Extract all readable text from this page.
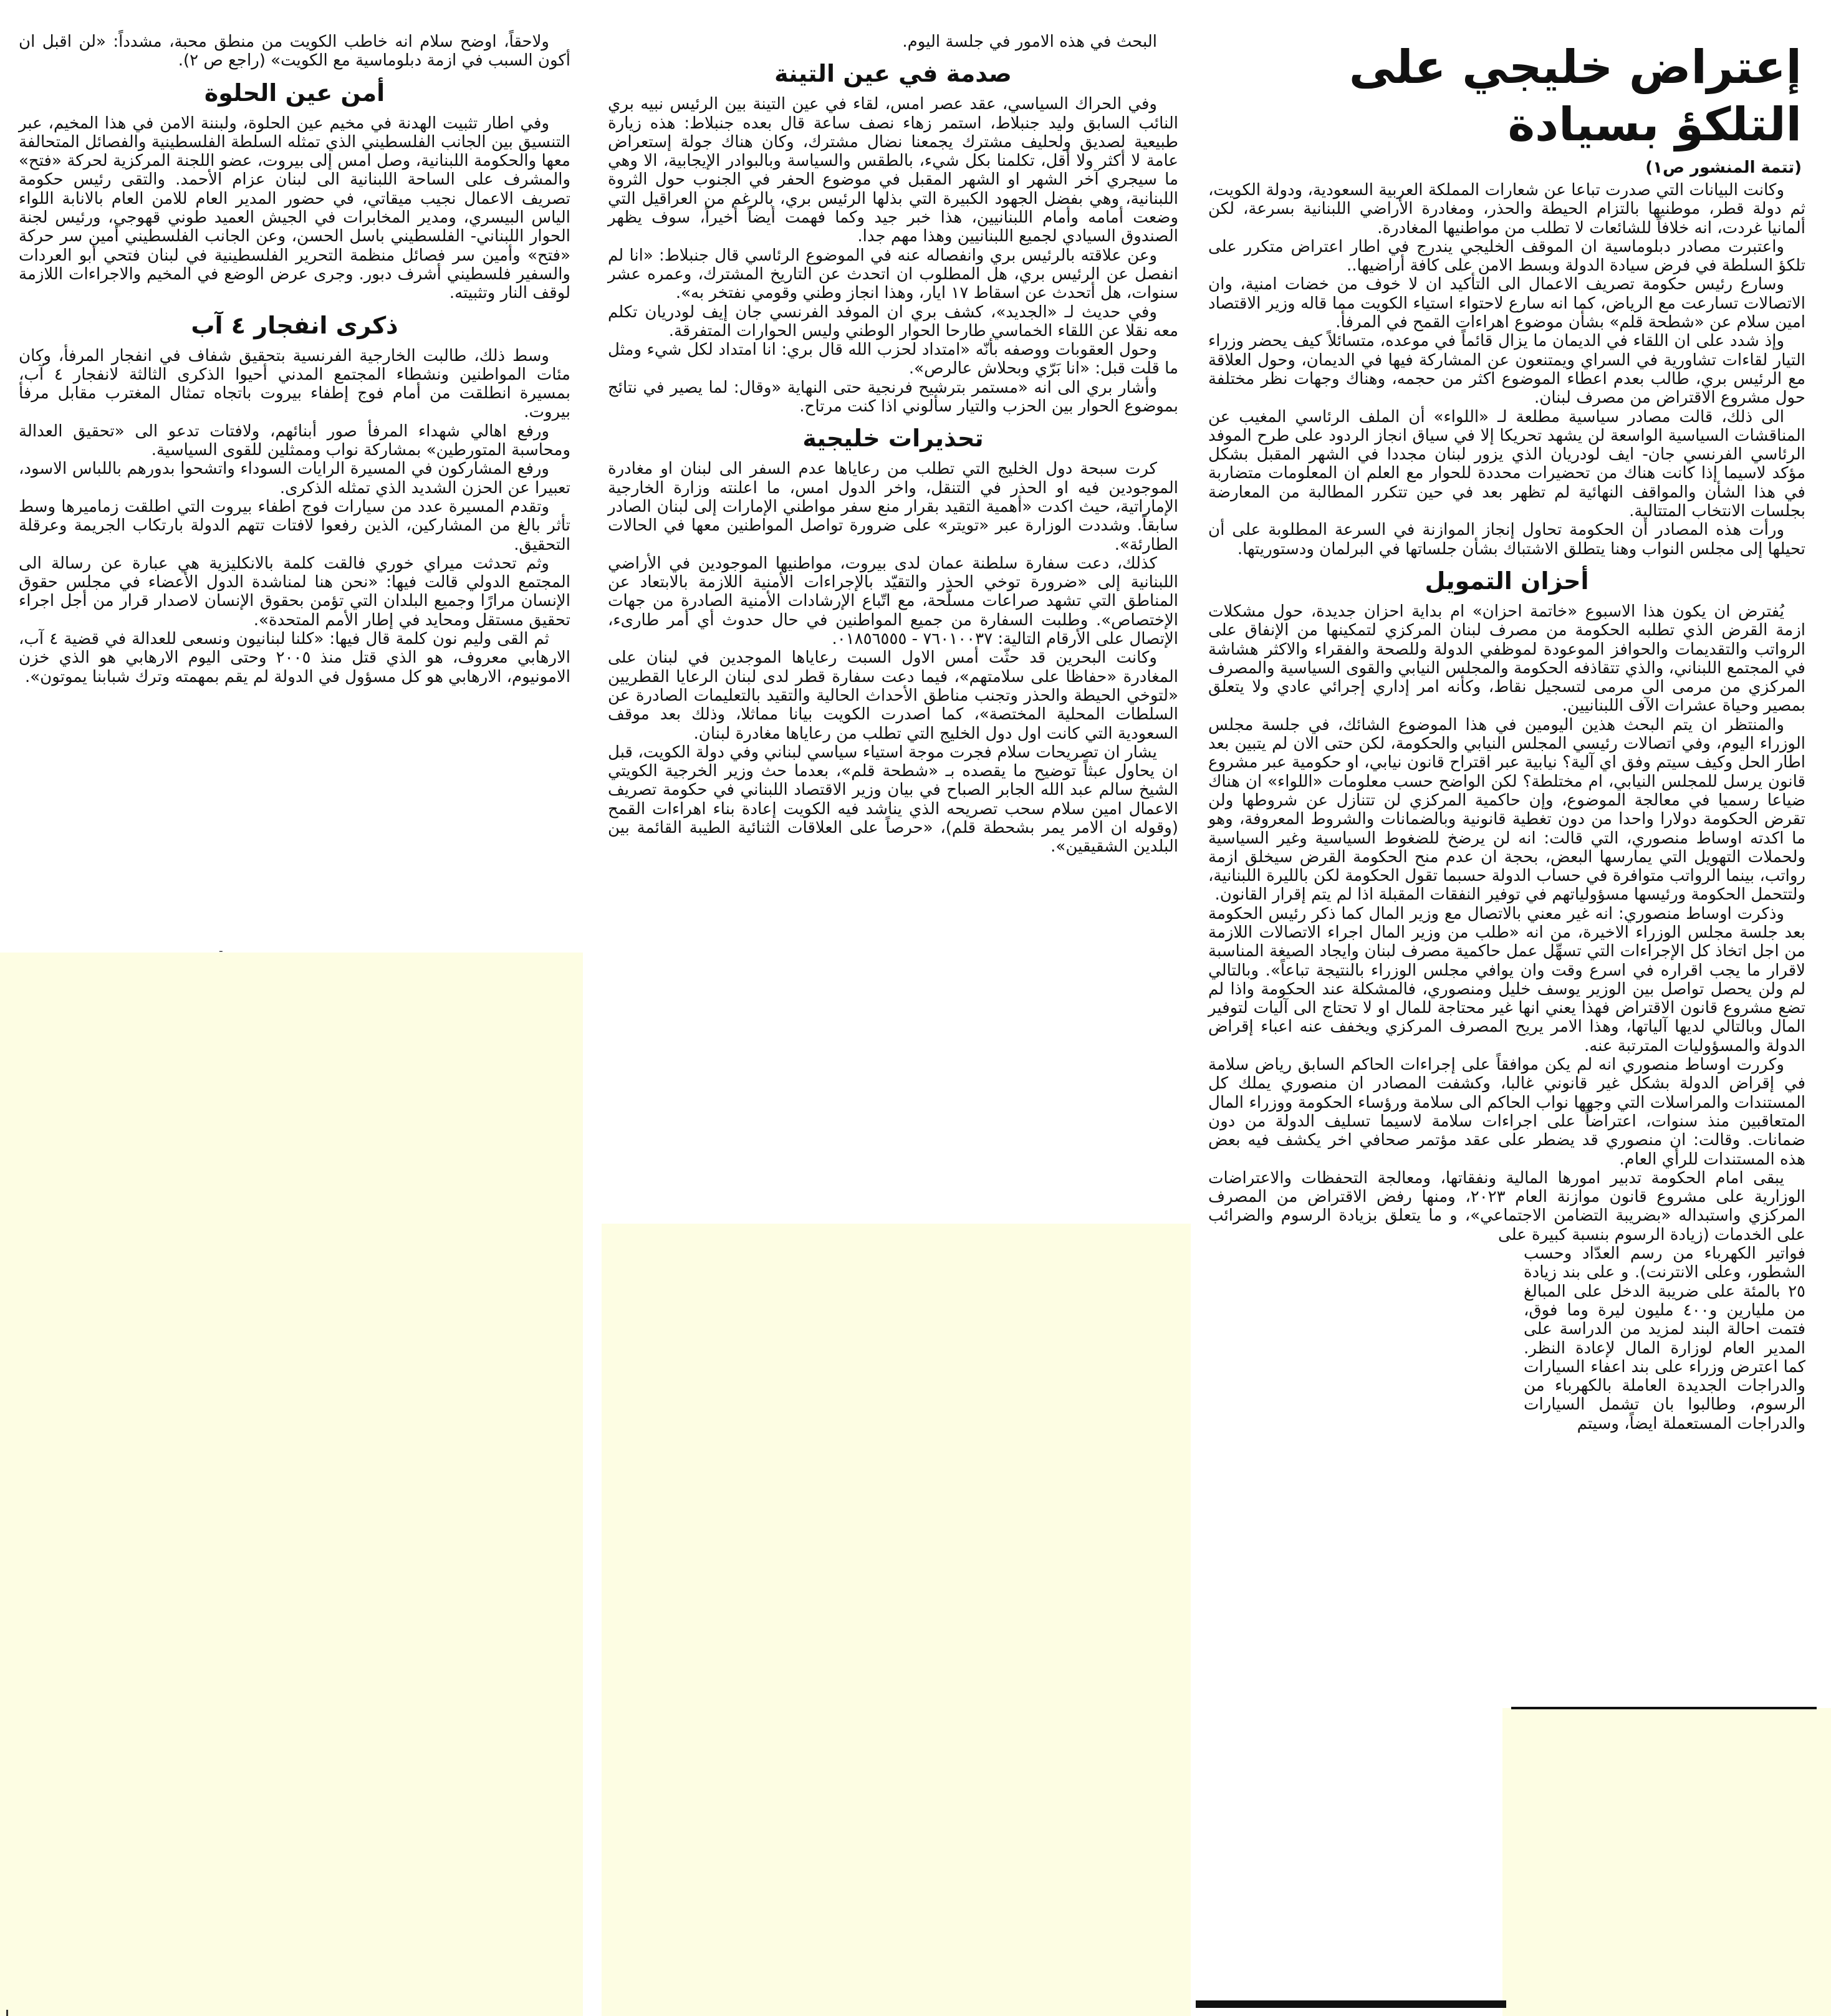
إعتراض خليجي على التلكؤ بسيادة
(تتمة المنشور ص١)

وكانت البيانات التي صدرت تباعا عن شعارات المملكة العربية السعودية، ودولة الكويت، ثم دولة قطر، موطنيها بالتزام الحيطة والحذر، ومغادرة الأراضي اللبنانية بسرعة، لكن ألمانيا غردت، انه خلافاً للشائعات لا تطلب من مواطنيها المغادرة.

واعتبرت مصادر دبلوماسية ان الموقف الخليجي يندرج في اطار اعتراض متكرر على تلكؤ السلطة في فرض سيادة الدولة وبسط الامن على كافة أراضيها..

وسارع رئيس حكومة تصريف الاعمال الى التأكيد ان لا خوف من خضات امنية، وان الاتصالات تسارعت مع الرياض، كما انه سارع لاحتواء استياء الكويت مما قاله وزير الاقتصاد امين سلام عن «شطحة قلم» بشأن موضوع اهراءات القمح في المرفأ.

وإذ شدد على ان اللقاء في الديمان ما يزال قائماً في موعده، متسائلاً كيف يحضر وزراء التيار لقاءات تشاورية في السراي ويمتنعون عن المشاركة فيها في الديمان، وحول العلاقة مع الرئيس بري، طالب بعدم اعطاء الموضوع اكثر من حجمه، وهناك وجهات نظر مختلفة حول مشروع الاقتراض من مصرف لبنان.

الى ذلك، قالت مصادر سياسية مطلعة لـ «اللواء» أن الملف الرئاسي المغيب عن المناقشات السياسية الواسعة لن يشهد تحريكا إلا في سياق انجاز الردود على طرح الموفد الرئاسي الفرنسي جان- ايف لودريان الذي يزور لبنان مجددا في الشهر المقبل بشكل مؤكد لاسيما إذا كانت هناك من تحضيرات محددة للحوار مع العلم ان المعلومات متضاربة في هذا الشأن والمواقف النهائية لم تظهر بعد في حين تتكرر المطالبة من المعارضة بجلسات الانتخاب المتتالية.

ورأت هذه المصادر أن الحكومة تحاول إنجاز الموازنة في السرعة المطلوبة على أن تحيلها إلى مجلس النواب وهنا يتطلق الاشتباك بشأن جلساتها في البرلمان ودستوريتها.

أحزان التمويل

يُفترض ان يكون هذا الاسبوع «خاتمة احزان» ام بداية احزان جديدة، حول مشكلات ازمة القرض الذي تطلبه الحكومة من مصرف لبنان المركزي لتمكينها من الإنفاق على الرواتب والتقديمات والحوافز الموعودة لموظفي الدولة وللصحة والفقراء والاكثر هشاشة في المجتمع اللبناني، والذي تتقاذفه الحكومة والمجلس النيابي والقوى السياسية والمصرف المركزي من مرمى الى مرمى لتسجيل نقاط، وكأنه امر إداري إجرائي عادي ولا يتعلق بمصير وحياة عشرات الآف اللبنانيين.

والمنتظر ان يتم البحث هذين اليومين في هذا الموضوع الشائك، في جلسة مجلس الوزراء اليوم، وفي اتصالات رئيسي المجلس النيابي والحكومة، لكن حتى الان لم يتبين بعد اطار الحل وكيف سيتم وفق اي آلية؟ نيابية عبر اقتراح قانون نيابي، او حكومية عبر مشروع قانون يرسل للمجلس النيابي، ام مختلطة؟ لكن الواضح حسب معلومات «اللواء» ان هناك ضياعا رسميا في معالجة الموضوع، وإن حاكمية المركزي لن تتنازل عن شروطها ولن تقرض الحكومة دولارا واحدا من دون تغطية قانونية وبالضمانات والشروط المعروفة، وهو ما اكدته اوساط منصوري، التي قالت: انه لن يرضخ للضغوط السياسية وغير السياسية ولحملات التهويل التي يمارسها البعض، بحجة ان عدم منح الحكومة القرض سيخلق ازمة رواتب، بينما الرواتب متوافرة في حساب الدولة حسبما تقول الحكومة لكن بالليرة اللبنانية، ولتتحمل الحكومة ورئيسها مسؤولياتهم في توفير النفقات المقبلة اذا لم يتم إقرار القانون.

وذكرت اوساط منصوري: انه غير معني بالاتصال مع وزير المال كما ذكر رئيس الحكومة بعد جلسة مجلس الوزراء الاخيرة، من انه «طلب من وزير المال اجراء الاتصالات اللازمة من اجل اتخاذ كل الإجراءات التي تسهِّل عمل حاكمية مصرف لبنان وايجاد الصيغة المناسبة لاقرار ما يجب اقراره في اسرع وقت وان يوافي مجلس الوزراء بالنتيجة تباعاً». وبالتالي لم ولن يحصل تواصل بين الوزير يوسف خليل ومنصوري، فالمشكلة عند الحكومة واذا لم تضع مشروع قانون الاقتراض فهذا يعني انها غير محتاجة للمال او لا تحتاج الى آليات لتوفير المال وبالتالي لديها آلياتها، وهذا الامر يريح المصرف المركزي ويخفف عنه اعباء إقراض الدولة والمسؤوليات المترتبة عنه.

وكررت اوساط منصوري انه لم يكن موافقاً على إجراءات الحاكم السابق رياض سلامة في إقراض الدولة بشكل غير قانوني غالبا، وكشفت المصادر ان منصوري يملك كل المستندات والمراسلات التي وجهها نواب الحاكم الى سلامة ورؤساء الحكومة ووزراء المال المتعاقبين منذ سنوات، اعتراضاً على اجراءات سلامة لاسيما تسليف الدولة من دون ضمانات. وقالت: ان منصوري قد يضطر على عقد مؤتمر صحافي اخر يكشف فيه بعض هذه المستندات للرأي العام.

يبقى امام الحكومة تدبير امورها المالية ونفقاتها، ومعالجة التحفظات والاعتراضات الوزارية على مشروع قانون موازنة العام ٢٠٢٣، ومنها رفض الاقتراض من المصرف المركزي واستبداله «بضريبة التضامن الاجتماعي»، و ما يتعلق بزيادة الرسوم والضرائب على الخدمات (زيادة الرسوم بنسبة كبيرة على

فواتير الكهرباء من رسم العدّاد وحسب الشطور، وعلى الانترنت). و على بند زيادة ٢٥ بالمئة على ضريبة الدخل على المبالغ من مليارين و٤٠٠ مليون ليرة وما فوق، فتمت احالة البند لمزيد من الدراسة على المدير العام لوزارة المال لإعادة النظر. كما اعترض وزراء على بند اعفاء السيارات والدراجات الجديدة العاملة بالكهرباء من الرسوم، وطالبوا بان تشمل السيارات والدراجات المستعملة ايضاً، وسيتم

البحث في هذه الامور في جلسة اليوم.

صدمة في عين التينة

وفي الحراك السياسي، عقد عصر امس، لقاء في عين التينة بين الرئيس نبيه بري النائب السابق وليد جنبلاط، استمر زهاء نصف ساعة قال بعده جنبلاط: هذه زيارة طبيعية لصديق ولحليف مشترك يجمعنا نضال مشترك، وكان هناك جولة إستعراض عامة لا أكثر ولا أقل، تكلمنا بكل شيء، بالطقس والسياسة وبالبوادر الإيجابية، الا وهي ما سيجري آخر الشهر او الشهر المقبل في موضوع الحفر في الجنوب حول الثروة اللبنانية، وهي بفضل الجهود الكبيرة التي بذلها الرئيس بري، بالرغم من العراقيل التي وضعت أمامه وأمام اللبنانيين، هذا خبر جيد وكما فهمت أيضاً أخيراً، سوف يظهر الصندوق السيادي لجميع اللبنانيين وهذا مهم جدا.

وعن علاقته بالرئيس بري وانفصاله عنه في الموضوع الرئاسي قال جنبلاط: «انا لم انفصل عن الرئيس بري، هل المطلوب ان اتحدث عن التاريخ المشترك، وعمره عشر سنوات، هل أتحدث عن اسقاط ١٧ ايار، وهذا انجاز وطني وقومي نفتخر به».

وفي حديث لـ «الجديد»، كشف بري ان الموفد الفرنسي جان إيف لودريان تكلم معه نقلا عن اللقاء الخماسي طارحا الحوار الوطني وليس الحوارات المتفرقة.

وحول العقوبات ووصفه بأنّه «امتداد لحزب الله قال بري: انا امتداد لكل شيء ومثل ما قلت قبل: «انا بَرّي وبحلاش عالرص».

وأشار بري الى انه «مستمر بترشيح فرنجية حتى النهاية «وقال: لما يصير في نتائج بموضوع الحوار بين الحزب والتيار سألوني اذا كنت مرتاح.

تحذيرات خليجية

كرت سبحة دول الخليج التي تطلب من رعاياها عدم السفر الى لبنان او مغادرة الموجودين فيه او الحذر في التنقل، واخر الدول امس، ما اعلنته وزارة الخارجية الإماراتية، حيث اكدت «أهمية التقيد بقرار منع سفر مواطني الإمارات إلى لبنان الصادر سابقاً. وشددت الوزارة عبر «تويتر» على ضرورة تواصل المواطنين معها في الحالات الطارئة».

كذلك، دعت سفارة سلطنة عمان لدى بيروت، مواطنيها الموجودين في الأراضي اللبنانية إلى «ضرورة توخي الحذر والتقيّد بالإجراءات الأمنية اللازمة بالابتعاد عن المناطق التي تشهد صراعات مسلّحة، مع اتّباع الإرشادات الأمنية الصادرة من جهات الإختصاص». وطلبت السفارة من جميع المواطنين في حال حدوث أي أمر طارىء، الإتصال على الأرقام التالية: ٧٦٠١٠٠٣٧ - ٠١٨٥٦٥٥٥.

وكانت البحرين قد حثّت أمس الاول السبت رعاياها الموجدين في لبنان على المغادرة «حفاظا على سلامتهم»، فيما دعت سفارة قطر لدى لبنان الرعايا القطريين «لتوخي الحيطة والحذر وتجنب مناطق الأحداث الحالية والتقيد بالتعليمات الصادرة عن السلطات المحلية المختصة»، كما اصدرت الكويت بيانا مماثلا، وذلك بعد موقف السعودية التي كانت اول دول الخليج التي تطلب من رعاياها مغادرة لبنان.

يشار ان تصريحات سلام فجرت موجة استياء سياسي لبناني وفي دولة الكويت، قبل ان يحاول عبثاً توضيح ما يقصده بـ «شطحة قلم»، بعدما حث وزير الخرجية الكويتي الشيخ سالم عبد الله الجابر الصباح في بيان وزير الاقتصاد اللبناني في حكومة تصريف الاعمال امين سلام سحب تصريحه الذي يناشد فيه الكويت إعادة بناء اهراءات القمح (وقوله ان الامر يمر بشحطة قلم)، «حرصاً على العلاقات الثنائية الطيبة القائمة بين البلدين الشقيقين».

ولاحقاً، اوضح سلام انه خاطب الكويت من منطق محبة، مشدداً: «لن اقبل ان أكون السبب في ازمة دبلوماسية مع الكويت» (راجع ص ٢).

أمن عين الحلوة

وفي اطار تثبيت الهدنة في مخيم عين الحلوة، ولبننة الامن في هذا المخيم، عبر التنسيق بين الجانب الفلسطيني الذي تمثله السلطة الفلسطينية والفصائل المتحالفة معها والحكومة اللبنانية، وصل امس إلى بيروت، عضو اللجنة المركزية لحركة «فتح» والمشرف على الساحة اللبنانية الى لبنان عزام الأحمد. والتقى رئيس حكومة تصريف الاعمال نجيب ميقاتي، في حضور المدير العام للامن العام بالانابة اللواء الياس البيسري، ومدير المخابرات في الجيش العميد طوني قهوجي، ورئيس لجنة الحوار اللبناني- الفلسطيني باسل الحسن، وعن الجانب الفلسطيني أمين سر حركة «فتح» وأمين سر فصائل منظمة التحرير الفلسطينية في لبنان فتحي أبو العردات والسفير فلسطيني أشرف دبور. وجرى عرض الوضع في المخيم والاجراءات اللازمة لوقف النار وتثبيته.

ذكرى انفجار ٤ آب

وسط ذلك، طالبت الخارجية الفرنسية بتحقيق شفاف في انفجار المرفأ، وكان مئات المواطنين ونشطاء المجتمع المدني أحيوا الذكرى الثالثة لانفجار ٤ آب، بمسيرة انطلقت من أمام فوج إطفاء بيروت باتجاه تمثال المغترب مقابل مرفأ بيروت.

ورفع اهالي شهداء المرفأ صور أبنائهم، ولافتات تدعو الى «تحقيق العدالة ومحاسبة المتورطين» بمشاركة نواب وممثلين للقوى السياسية.

ورفع المشاركون في المسيرة الرايات السوداء واتشحوا بدورهم باللباس الاسود، تعبيرا عن الحزن الشديد الذي تمثله الذكرى.

وتقدم المسيرة عدد من سيارات فوج اطفاء بيروت التي اطلقت زماميرها وسط تأثر بالغ من المشاركين، الذين رفعوا لافتات تتهم الدولة بارتكاب الجريمة وعرقلة التحقيق.

وثم تحدثت ميراي خوري فالقت كلمة بالانكليزية هي عبارة عن رسالة الى المجتمع الدولي قالت فيها: «نحن هنا لمناشدة الدول الأعضاء في مجلس حقوق الإنسان مرارًا وجميع البلدان التي تؤمن بحقوق الإنسان لاصدار قرار من أجل اجراء تحقيق مستقل ومحايد في إطار الأمم المتحدة».

ثم القى وليم نون كلمة قال فيها: «كلنا لبنانيون ونسعى للعدالة في قضية ٤ آب، الارهابي معروف، هو الذي قتل منذ ٢٠٠٥ وحتى اليوم الارهابي هو الذي خزن الامونيوم، الارهابي هو كل مسؤول في الدولة لم يقم بمهمته وترك شبابنا يموتون».

ـ
